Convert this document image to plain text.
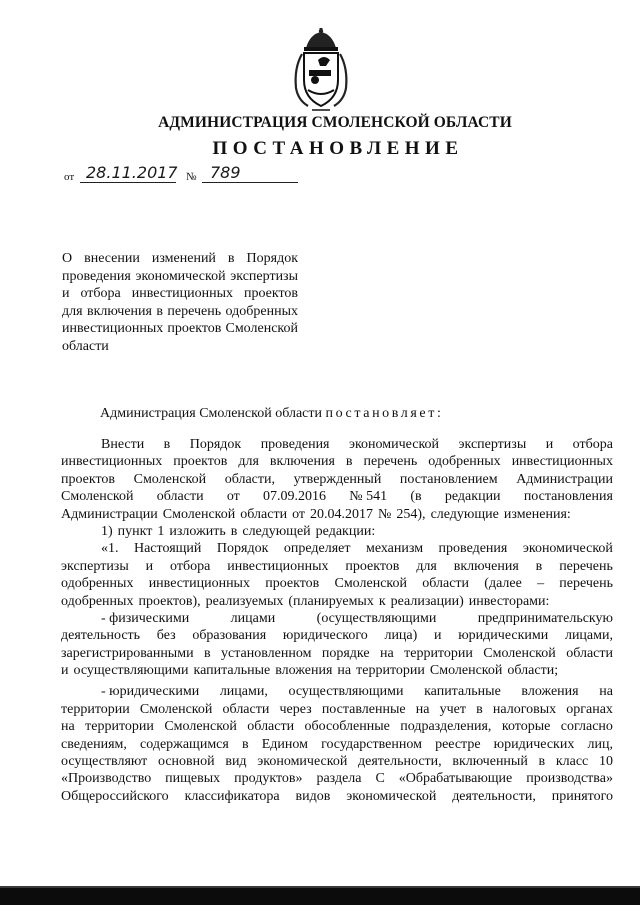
АДМИНИСТРАЦИЯ СМОЛЕНСКОЙ ОБЛАСТИ
ПОСТАНОВЛЕНИЕ
от 28.11.2017 № 789
О внесении изменений в Порядок проведения экономической экспертизы и отбора инвестиционных проектов для включения в перечень одобренных инвестиционных проектов Смоленской области
Администрация Смоленской области постановляет:
Внести в Порядок проведения экономической экспертизы и отбора
инвестиционных проектов для включения в перечень одобренных инвестиционных
проектов Смоленской области, утвержденный постановлением Администрации
Смоленской области от 07.09.2016 № 541 (в редакции постановления
Администрации Смоленской области от 20.04.2017 № 254), следующие изменения:
1) пункт 1 изложить в следующей редакции:
«1. Настоящий Порядок определяет механизм проведения экономической
экспертизы и отбора инвестиционных проектов для включения в перечень
одобренных инвестиционных проектов Смоленской области (далее – перечень
одобренных проектов), реализуемых (планируемых к реализации) инвесторами:
- физическими	лицами	(осуществляющими	предпринимательскую
деятельность без образования юридического лица) и юридическими лицами,
зарегистрированными в установленном порядке на территории Смоленской области
и осуществляющими капитальные вложения на территории Смоленской области;
- юридическими лицами, осуществляющими капитальные вложения на
территории Смоленской области через поставленные на учет в налоговых органах
на территории Смоленской области обособленные подразделения, которые согласно
сведениям, содержащимся в Едином государственном реестре юридических лиц,
осуществляют основной вид экономической деятельности, включенный в класс 10
«Производство пищевых продуктов» раздела С «Обрабатывающие производства»
Общероссийского классификатора видов экономической деятельности, принятого
